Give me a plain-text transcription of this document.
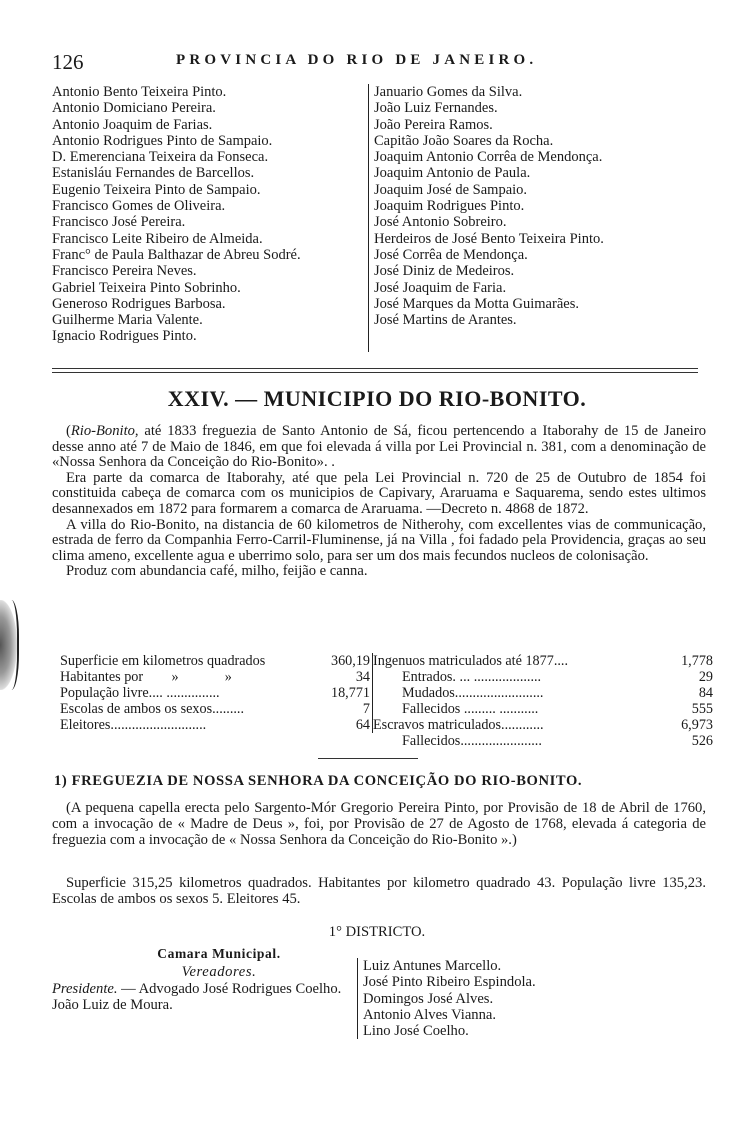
126	PROVINCIA DO RIO DE JANEIRO.
Antonio Bento Teixeira Pinto.
Antonio Domiciano Pereira.
Antonio Joaquim de Farias.
Antonio Rodrigues Pinto de Sampaio.
D. Emerenciana Teixeira da Fonseca.
Estanisláu Fernandes de Barcellos.
Eugenio Teixeira Pinto de Sampaio.
Francisco Gomes de Oliveira.
Francisco José Pereira.
Francisco Leite Ribeiro de Almeida.
Franc° de Paula Balthazar de Abreu Sodré.
Francisco Pereira Neves.
Gabriel Teixeira Pinto Sobrinho.
Generoso Rodrigues Barbosa.
Guilherme Maria Valente.
Ignacio Rodrigues Pinto.
Januario Gomes da Silva.
João Luiz Fernandes.
João Pereira Ramos.
Capitão João Soares da Rocha.
Joaquim Antonio Corrêa de Mendonça.
Joaquim Antonio de Paula.
Joaquim José de Sampaio.
Joaquim Rodrigues Pinto.
José Antonio Sobreiro.
Herdeiros de José Bento Teixeira Pinto.
José Corrêa de Mendonça.
José Diniz de Medeiros.
José Joaquim de Faria.
José Marques da Motta Guimarães.
José Martins de Arantes.
XXIV. — MUNICIPIO DO RIO-BONITO.

(Rio-Bonito, até 1833 freguezia de Santo Antonio de Sá, ficou pertencendo a Itaborahy de 15 de Janeiro desse anno até 7 de Maio de 1846, em que foi elevada á villa por Lei Provincial n. 381, com a denominação de «Nossa Senhora da Conceição do Rio-Bonito». .

Era parte da comarca de Itaborahy, até que pela Lei Provincial n. 720 de 25 de Outubro de 1854 foi constituida cabeça de comarca com os municipios de Capivary, Araruama e Saquarema, sendo estes ultimos desannexados em 1872 para formarem a comarca de Araruama. —Decreto n. 4868 de 1872.

A villa do Rio-Bonito, na distancia de 60 kilometros de Nitherohy, com excellentes vias de communicação, estrada de ferro da Companhia Ferro-Carril-Fluminense, já na Villa , foi fadado pela Providencia, graças ao seu clima ameno, excellente agua e uberrimo solo, para ser um dos mais fecundos nucleos de colonisação.

Produz com abundancia café, milho, feijão e canna.

Superficie em kilometros quadrados	360,19
Habitantes por        »             »	34
População livre.... ...............	18,771
Escolas de ambos os sexos.........	7
Eleitores...........................	64
Ingenuos matriculados até 1877....	1,778
Entrados. ... ...................	29
Mudados.........................	84
Fallecidos ......... ...........	555
Escravos matriculados............	6,973
Fallecidos.......................	526
1) FREGUEZIA DE NOSSA SENHORA DA CONCEIÇÃO DO RIO-BONITO.

(A pequena capella erecta pelo Sargento-Mór Gregorio Pereira Pinto, por Provisão de 18 de Abril de 1760, com a invocação de « Madre de Deus », foi, por Provisão de 27 de Agosto de 1768, elevada á categoria de freguezia com a invocação de « Nossa Senhora da Conceição do Rio-Bonito ».)

Superficie 315,25 kilometros quadrados. Habitantes por kilometro quadrado 43. População livre 135,23. Escolas de ambos os sexos 5. Eleitores 45.

1° DISTRICTO.
Camara Municipal.
Vereadores.
Presidente. — Advogado José Rodrigues Coelho.
João Luiz de Moura.
Luiz Antunes Marcello.
José Pinto Ribeiro Espindola.
Domingos José Alves.
Antonio Alves Vianna.
Lino José Coelho.
